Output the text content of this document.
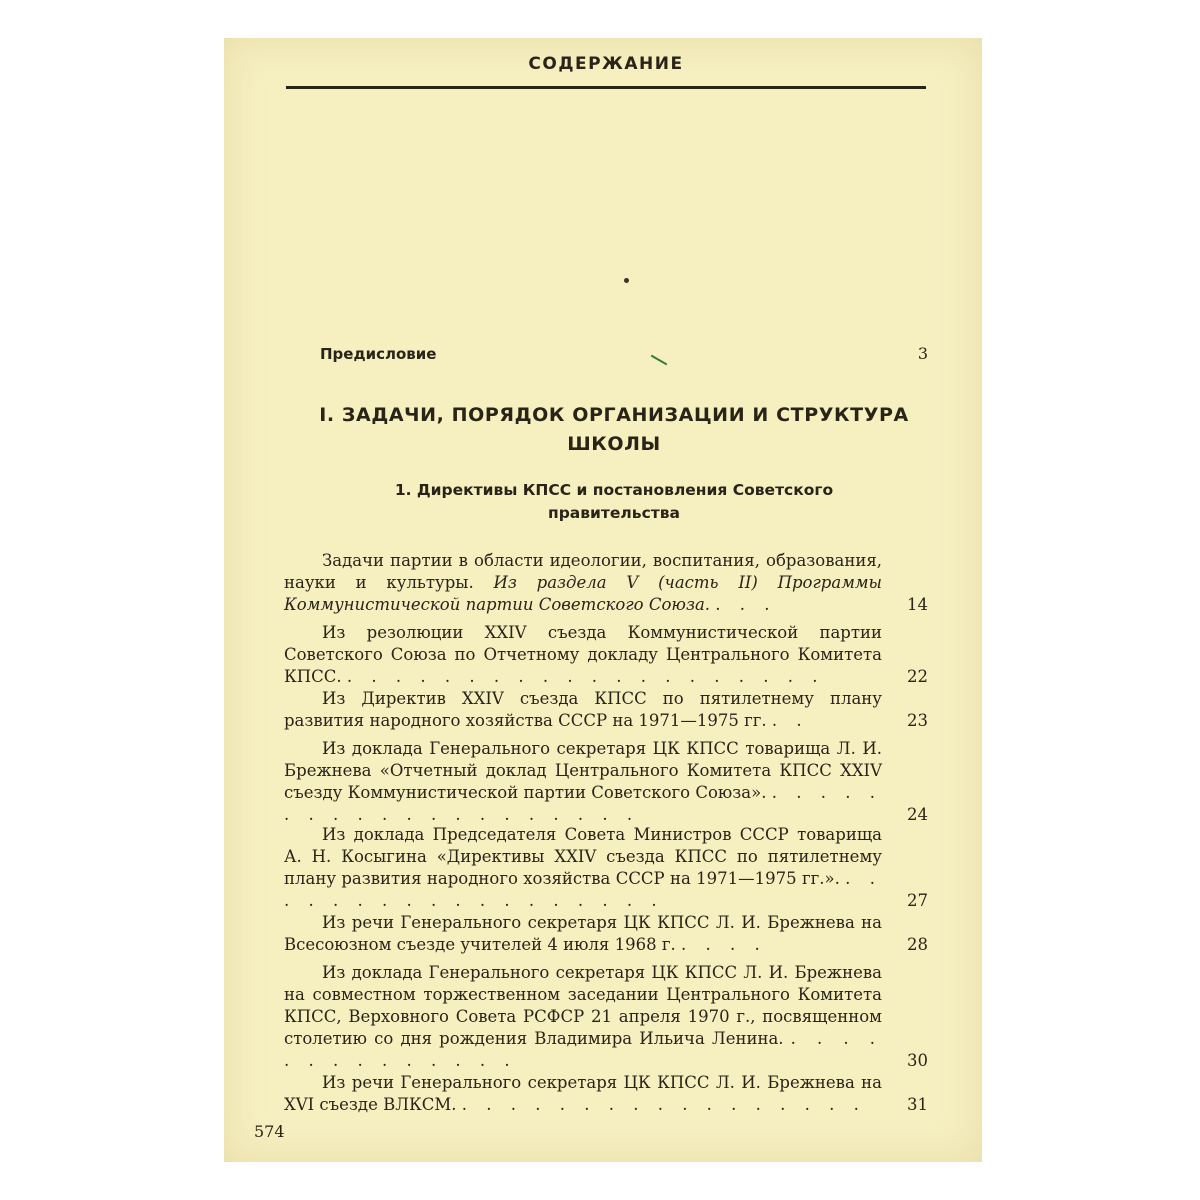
СОДЕРЖАНИЕ
Предисловие	3
I. ЗАДАЧИ, ПОРЯДОК ОРГАНИЗАЦИИ И СТРУКТУРА
ШКОЛЫ
1. Директивы КПСС и постановления Советского
правительства
Задачи партии в области идеологии, воспитания, образования, науки и культуры. Из раздела V (часть II) Программы Коммунистической партии Советского Союза. . . .	14
Из резолюции XXIV съезда Коммунистической партии Советского Союза по Отчетному докладу Центрального Комитета КПСС. . . . . . . . . . . . . . . . . . . . .	22
Из Директив XXIV съезда КПСС по пятилетнему плану развития народного хозяйства СССР на 1971—1975 гг. . .	23
Из доклада Генерального секретаря ЦК КПСС товарища Л. И. Брежнева «Отчетный доклад Центрального Комитета КПСС XXIV съезду Коммунистической партии Советского Союза». . . . . . . . . . . . . . . . . . . . .	24
Из доклада Председателя Совета Министров СССР товарища А. Н. Косыгина «Директивы XXIV съезда КПСС по пятилетнему плану развития народного хозяйства СССР на 1971—1975 гг.». . . . . . . . . . . . . . . . . . .	27
Из речи Генерального секретаря ЦК КПСС Л. И. Брежнева на Всесоюзном съезде учителей 4 июля 1968 г. . . . .	28
Из доклада Генерального секретаря ЦК КПСС Л. И. Брежнева на совместном торжественном заседании Центрального Комитета КПСС, Верховного Совета РСФСР 21 апреля 1970 г., посвященном столетию со дня рождения Владимира Ильича Ленина. . . . . . . . . . . . . . .	30
Из речи Генерального секретаря ЦК КПСС Л. И. Брежнева на XVI съезде ВЛКСМ. . . . . . . . . . . . . . . . . .	31
574
